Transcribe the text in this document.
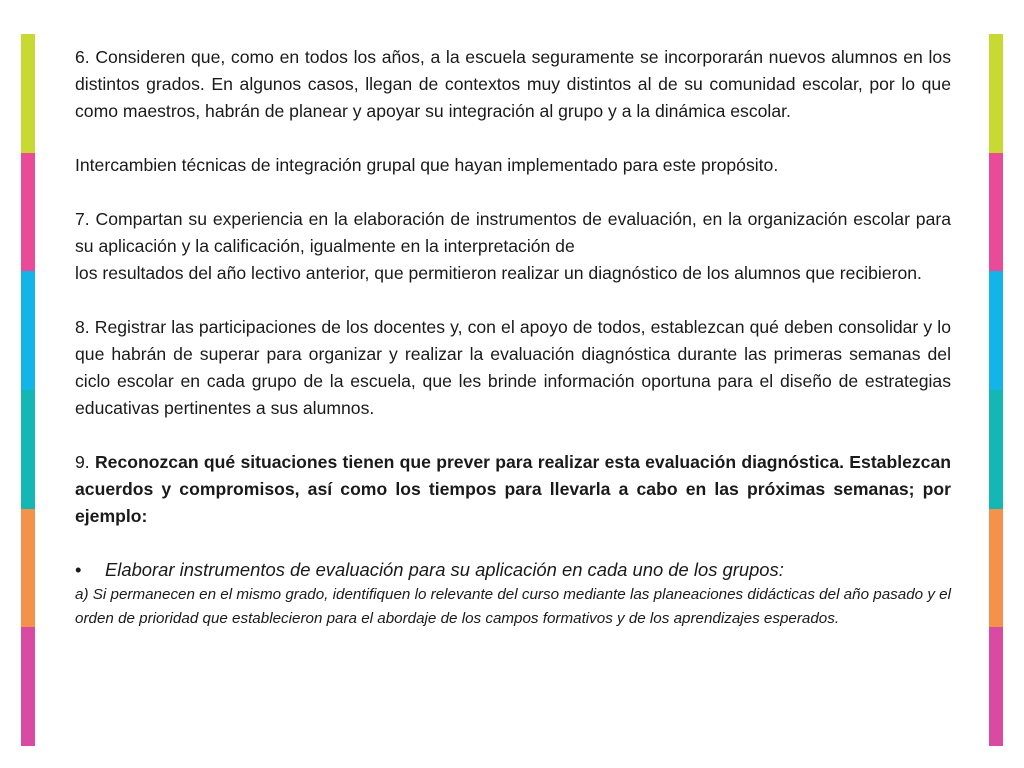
6. Consideren que, como en todos los años, a la escuela seguramente se incorporarán nuevos alumnos en los distintos grados. En algunos casos, llegan de contextos muy distintos al de su comunidad escolar, por lo que como maestros, habrán de planear y apoyar su integración al grupo y a la dinámica escolar.

Intercambien técnicas de integración grupal que hayan implementado para este propósito.

7. Compartan su experiencia en la elaboración de instrumentos de evaluación, en la organización escolar para su aplicación y la calificación, igualmente en la interpretación de

los resultados del año lectivo anterior, que permitieron realizar un diagnóstico de los alumnos que recibieron.

8. Registrar las participaciones de los docentes y, con el apoyo de todos, establezcan qué deben consolidar y lo que habrán de superar para organizar y realizar la evaluación diagnóstica durante las primeras semanas del ciclo escolar en cada grupo de la escuela, que les brinde información oportuna para el diseño de estrategias educativas pertinentes a sus alumnos.

9. Reconozcan qué situaciones tienen que prever para realizar esta evaluación diagnóstica. Establezcan acuerdos y compromisos, así como los tiempos para llevarla a cabo en las próximas semanas; por ejemplo:

•	Elaborar instrumentos de evaluación para su aplicación en cada uno de los grupos:

a) Si permanecen en el mismo grado, identifiquen lo relevante del curso mediante las planeaciones didácticas del año pasado y el orden de prioridad que establecieron para el abordaje de los campos formativos y de los aprendizajes esperados.
